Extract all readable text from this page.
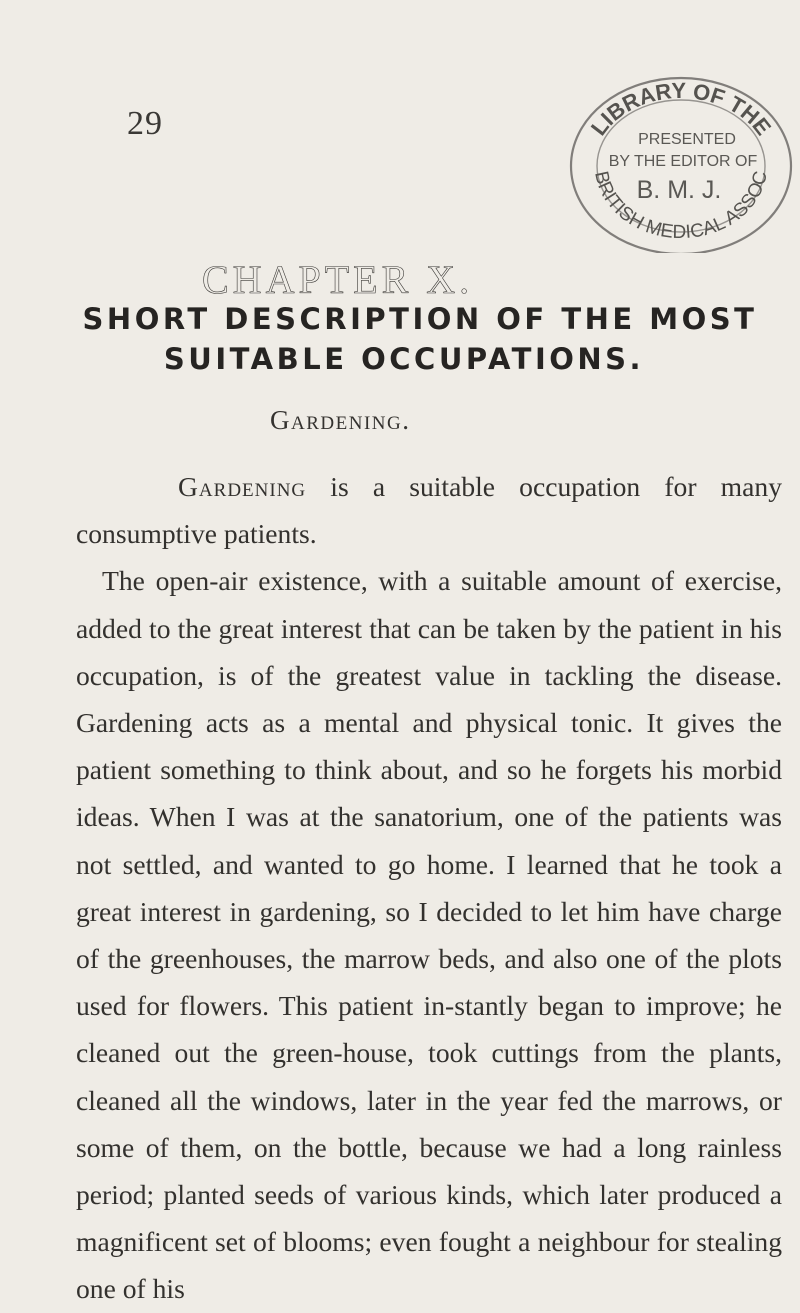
29	LIBRARY OF THE
BRITISH MEDICAL ASSOC
PRESENTED
BY THE EDITOR OF
B. M. J.
CHAPTER X.
SHORT DESCRIPTION OF THE MOST
SUITABLE OCCUPATIONS.
Gardening.

Gardening is a suitable occupation for many consumptive patients.

The open-air existence, with a suitable amount of exercise, added to the great interest that can be taken by the patient in his occupation, is of the greatest value in tackling the disease. Gardening acts as a mental and physical tonic. It gives the patient something to think about, and so he forgets his morbid ideas. When I was at the sanatorium, one of the patients was not settled, and wanted to go home. I learned that he took a great interest in gardening, so I decided to let him have charge of the greenhouses, the marrow beds, and also one of the plots used for flowers. This patient in-stantly began to improve; he cleaned out the green-house, took cuttings from the plants, cleaned all the windows, later in the year fed the marrows, or some of them, on the bottle, because we had a long rainless period; planted seeds of various kinds, which later produced a magnificent set of blooms; even fought a neighbour for stealing one of his
